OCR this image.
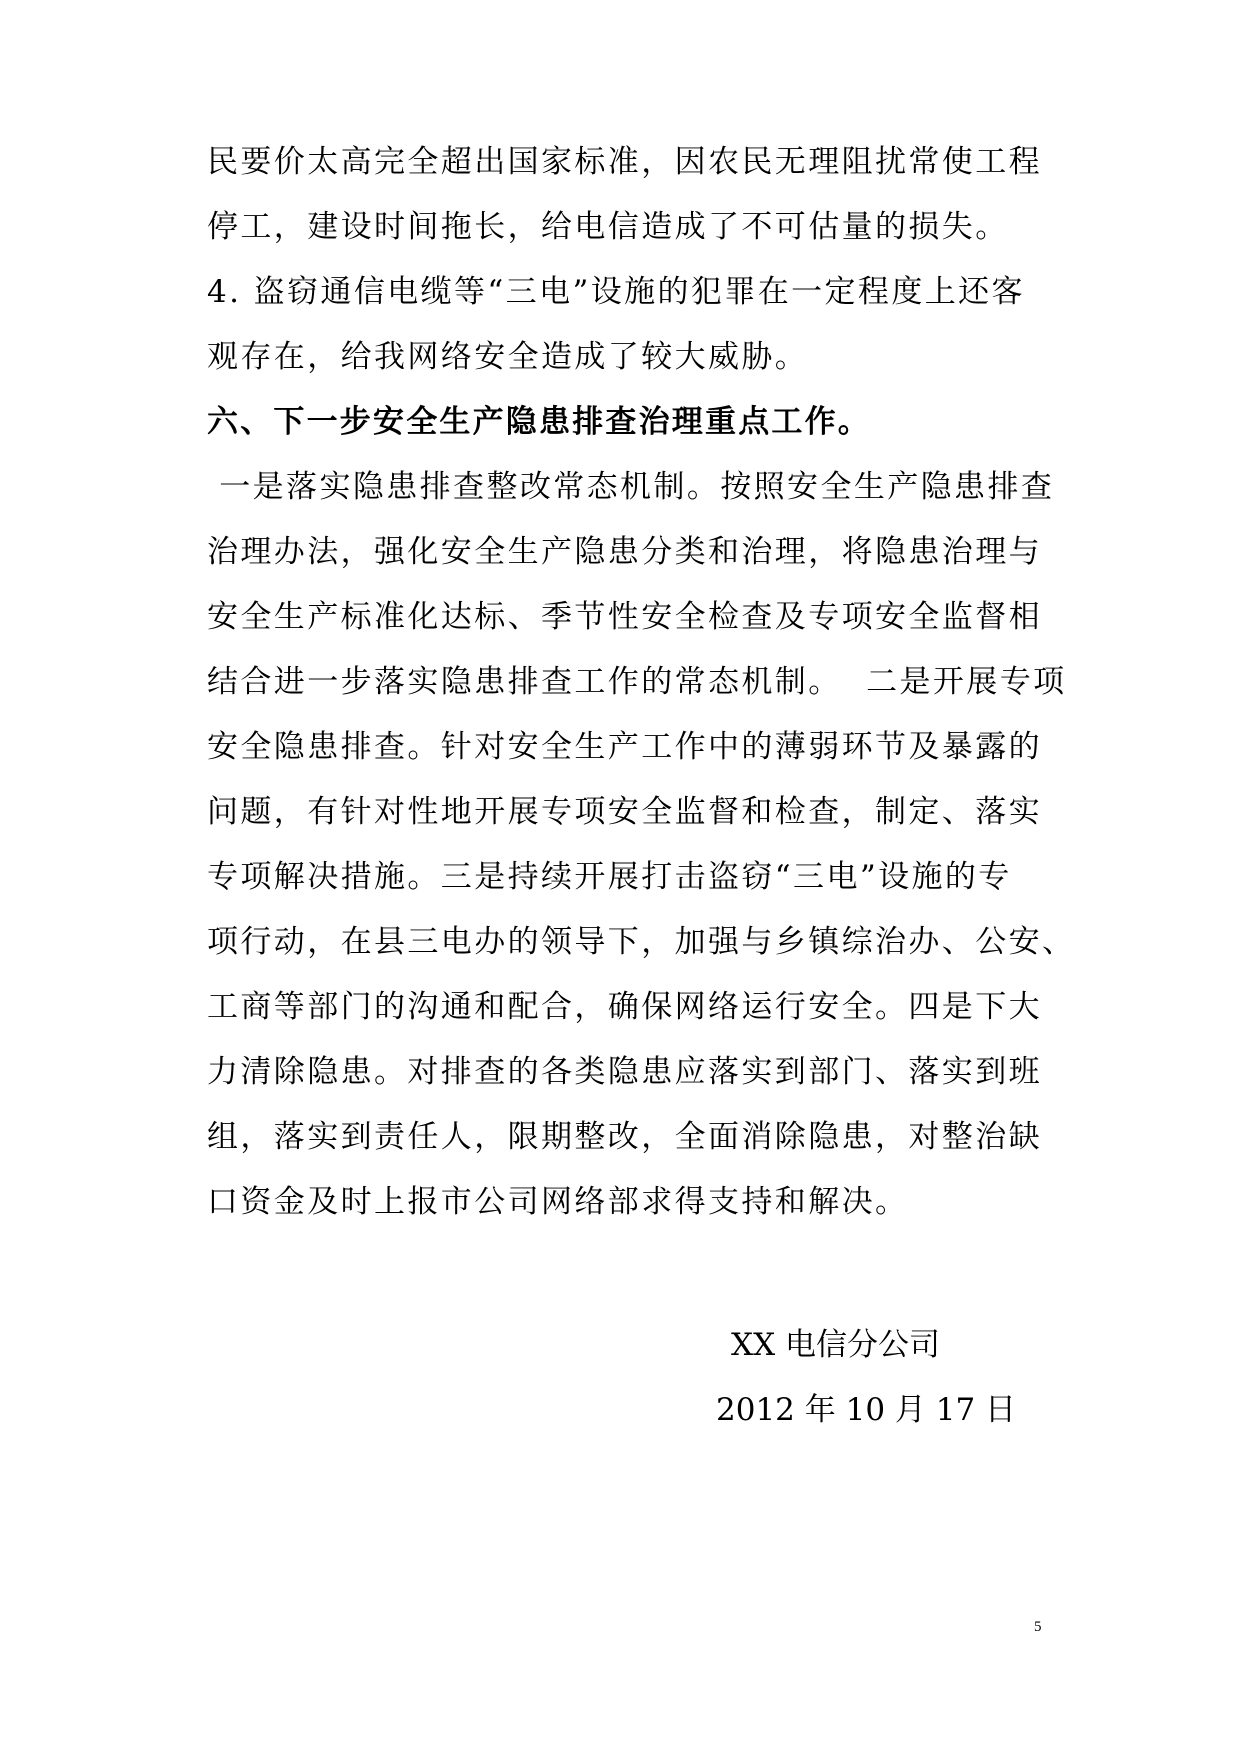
民要价太高完全超出国家标准，因农民无理阻扰常使工程
停工，建设时间拖长，给电信造成了不可估量的损失。
4. 盗窃通信电缆等“三电”设施的犯罪在一定程度上还客
观存在，给我网络安全造成了较大威胁。
六、下一步安全生产隐患排查治理重点工作。
一是落实隐患排查整改常态机制。按照安全生产隐患排查
治理办法，强化安全生产隐患分类和治理，将隐患治理与
安全生产标准化达标、季节性安全检查及专项安全监督相
结合进一步落实隐患排查工作的常态机制。  二是开展专项
安全隐患排查。针对安全生产工作中的薄弱环节及暴露的
问题，有针对性地开展专项安全监督和检查，制定、落实
专项解决措施。三是持续开展打击盗窃“三电”设施的专
项行动，在县三电办的领导下，加强与乡镇综治办、公安、
工商等部门的沟通和配合，确保网络运行安全。四是下大
力清除隐患。对排查的各类隐患应落实到部门、落实到班
组，落实到责任人，限期整改，全面消除隐患，对整治缺
口资金及时上报市公司网络部求得支持和解决。
XX 电信分公司
2012 年 10 月 17 日
5
